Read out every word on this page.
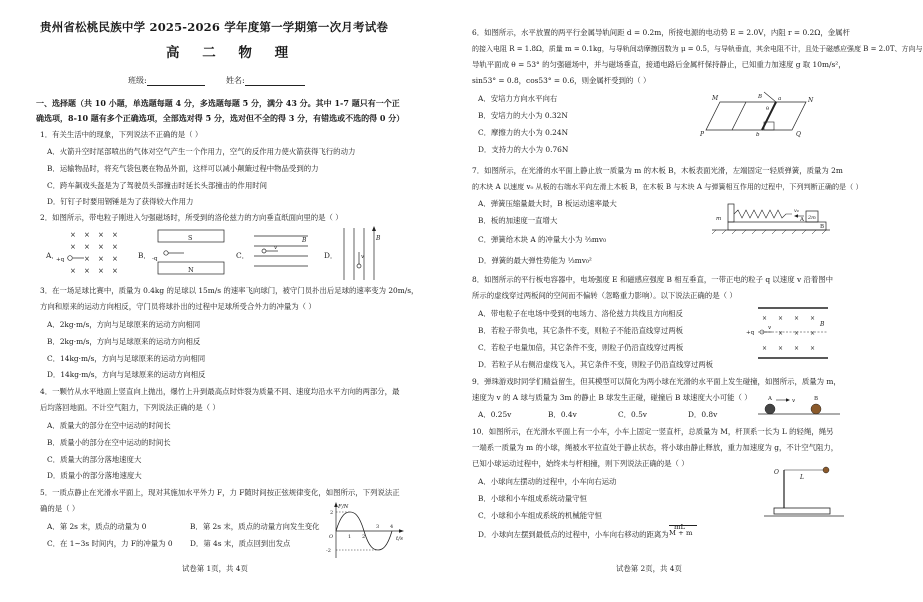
贵州省松桃民族中学 2025-2026 学年度第一学期第一次月考试卷
高 二 物 理
班级:	姓名:
一、选择题（共 10 小题，单选题每题 4 分，多选题每题 5 分，满分 43 分。其中 1-7 题只有一个正
确选项，8-10 题有多个正确选项，全部选对得 5 分，选对但不全的得 3 分，有错选或不选的得 0 分）
1．有关生活中的现象，下列说法不正确的是（ ）
A．火箭升空时尾部喷出的气体对空气产生一个作用力，空气的反作用力使火箭获得飞行的动力
B．运输物品时，将充气袋包裹在物品外面，这样可以减小颠簸过程中物品受到的力
C．跨车飙戏头盔是为了驾驶员头部撞击时延长头部撞击的作用时间
D．钉钉子时要用钢锤是为了获得较大作用力
2．如图所示，带电粒子刚进入匀强磁场时，所受到的洛伦兹力的方向垂直纸面向里的是（ ）
A．
× × × ×
× × × ×
× × ×
× × × ×
+q	B．
S
N
-q	C．
B
v
D．	v
B
3．在一场足球比赛中，质量为 0.4kg 的足球以 15m/s 的速率飞向球门，被守门员扑出后足球的速率变为 20m/s，
方向和原来的运动方向相反，守门员将球扑出的过程中足球所受合外力的冲量为（ ）
A．2kg·m/s，方向与足球原来的运动方向相同
B．2kg·m/s，方向与足球原来的运动方向相反
C．14kg·m/s，方向与足球原来的运动方向相同
D．14kg·m/s，方向与足球原来的运动方向相反
4．一颗竹从水平地面上竖直向上抛出，爆竹上升到最高点时炸裂为质量不同、速度均沿水平方向的两部分，最
后均落回地面。不计空气阻力，下列说法正确的是（ ）
A．质量大的部分在空中运动的时间长
B．质量小的部分在空中运动的时间长
C．质量大的部分落地速度大
D．质量小的部分落地速度大
5．一质点静止在光滑水平面上，现对其施加水平外力 F，力 F随时间按正弦规律变化，如图所示，下列说法正
确的是（ ）
A．第 2s 末，质点的动量为 0	B．第 2s 末，质点的动量方向发生变化
C．在 1~3s 时间内，力 F的冲量为 0 D．第 4s 末，质点回到出发点
F/N
t/s
2
-2
1 2
3 4
O
试卷第 1页，共 4页
6．如图所示，水平放置的两平行金属导轨间距 d = 0.2m，所接电源的电动势 E = 2.0V，内阻 r = 0.2Ω，金属杆
的接入电阻 R = 1.8Ω，质量 m = 0.1kg，与导轨间动摩擦因数为 μ = 0.5，与导轨垂直，其余电阻不计，且处于磁感应强度 B = 2.0T、方向与
导轨平面成 θ = 53° 的匀强磁场中，并与磁场垂直，接通电路后金属杆保持静止，已知重力加速度 g 取 10m/s²，
sin53° = 0.8，cos53° = 0.6，则金属杆受到的（ ）
A．安培力方向水平向右
B．安培力的大小为 0.32N
C．摩擦力的大小为 0.24N
D．支持力的大小为 0.76N
M	N
P	Q
a
b
B
θ
7．如图所示，在光滑的水平面上静止放一质量为 m 的木板 B，木板表面光滑，左端固定一轻质弹簧，质量为 2m
的木块 A 以速度 v₀ 从板的右端水平向左滑上木板 B，在木板 B 与木块 A 与弹簧相互作用的过程中，下列判断正确的是（ ）
A．弹簧压缩量最大时，B 板运动速率最大
B．板的加速度一直增大
C．弹簧给木块 A 的冲量大小为 ⅔mv₀
D．弹簧的最大弹性势能为 ⅓mv₀²
m
B
A 2m
v₀
8．如图所示的平行板电容器中，电场强度 E 和磁感应强度 B 相互垂直，一带正电的粒子 q 以速度 v 沿着图中
所示的虚线穿过两板间的空间而不偏转（忽略重力影响）。以下说法正确的是（ ）
A．带电粒子在电场中受到的电场力、洛伦兹力共线且方向相反
B．若粒子带负电，其它条件不变，则粒子不能沿直线穿过两板
C．若粒子电量加倍，其它条件不变，则粒子仍沿直线穿过两板
D．若粒子从右侧沿虚线飞入，其它条件不变，则粒子仍沿直线穿过两板
× × × ×
× × ×
× × × ×
+q
v	B
9．弹珠游戏时同学们精益留生，但其模型可以简化为两小球在光滑的水平面上发生碰撞，如图所示，质量为 m，
速度为 v 的 A 球与质量为 3m 的静止 B 球发生正碰，碰撞后 B 球速度大小可能（ ）
A．0.25v	B．0.4v	C．0.5v	D．0.8v
v
A	B
10．如图所示，在光滑水平面上有一小车，小车上固定一竖直杆，总质量为 M，杆顶系一长为 L 的轻绳，绳另
一端系一质量为 m 的小球，绳被水平拉直处于静止状态，将小球由静止释放，重力加速度为 g，不计空气阻力，
已知小球运动过程中，始终未与杆相撞，则下列说法正确的是（ ）
A．小球向左摆动的过程中，小车向右运动
B．小球和小车组成系统动量守恒
C．小球和小车组成系统的机械能守恒
D．小球向左摆到最低点的过程中，小车向右移动的距离为
mL
M + m
O
L
试卷第 2页，共 4页
